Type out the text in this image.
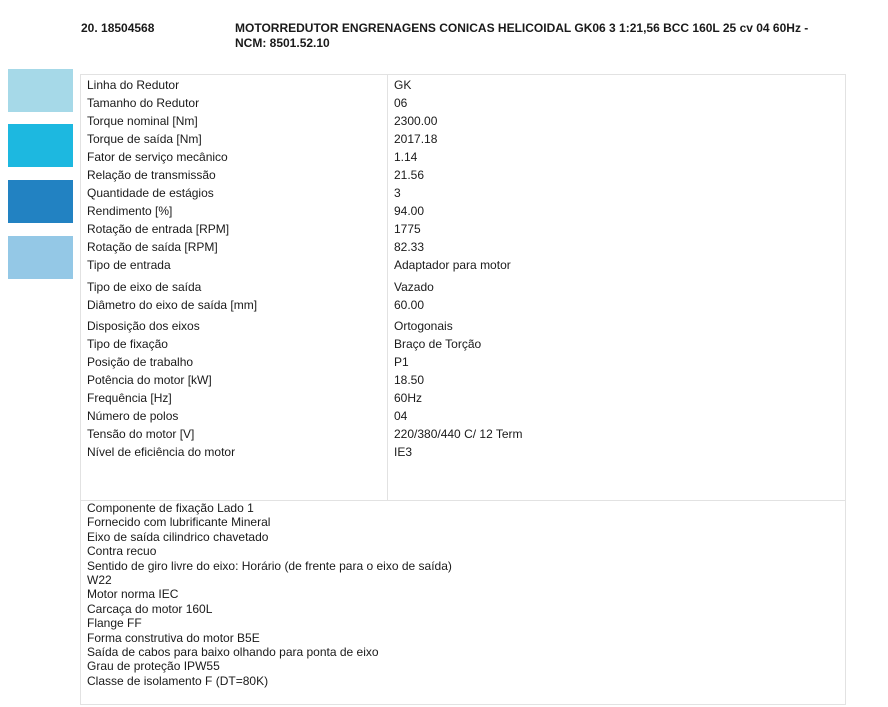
20. 18504568	MOTORREDUTOR ENGRENAGENS CONICAS HELICOIDAL GK06 3 1:21,56 BCC 160L 25 cv 04 60Hz - NCM: 8501.52.10
Linha do Redutor	GK
Tamanho do Redutor	06
Torque nominal [Nm]	2300.00
Torque de saída [Nm]	2017.18
Fator de serviço mecânico	1.14
Relação de transmissão	21.56
Quantidade de estágios	3
Rendimento [%]	94.00
Rotação de entrada [RPM]	1775
Rotação de saída [RPM]	82.33
Tipo de entrada	Adaptador para motor
Tipo de eixo de saída	Vazado
Diâmetro do eixo de saída [mm]	60.00
Disposição dos eixos	Ortogonais
Tipo de fixação	Braço de Torção
Posição de trabalho	P1
Potência do motor [kW]	18.50
Frequência [Hz]	60Hz
Número de polos	04
Tensão do motor [V]	220/380/440 C/ 12 Term
Nível de eficiência do motor	IE3
Componente de fixação Lado 1
Fornecido com lubrificante Mineral
Eixo de saída cilindrico chavetado
Contra recuo
Sentido de giro livre do eixo: Horário (de frente para o eixo de saída)
W22
Motor norma IEC
Carcaça do motor 160L
Flange FF
Forma construtiva do motor B5E
Saída de cabos para baixo olhando para ponta de eixo
Grau de proteção IPW55
Classe de isolamento F (DT=80K)
